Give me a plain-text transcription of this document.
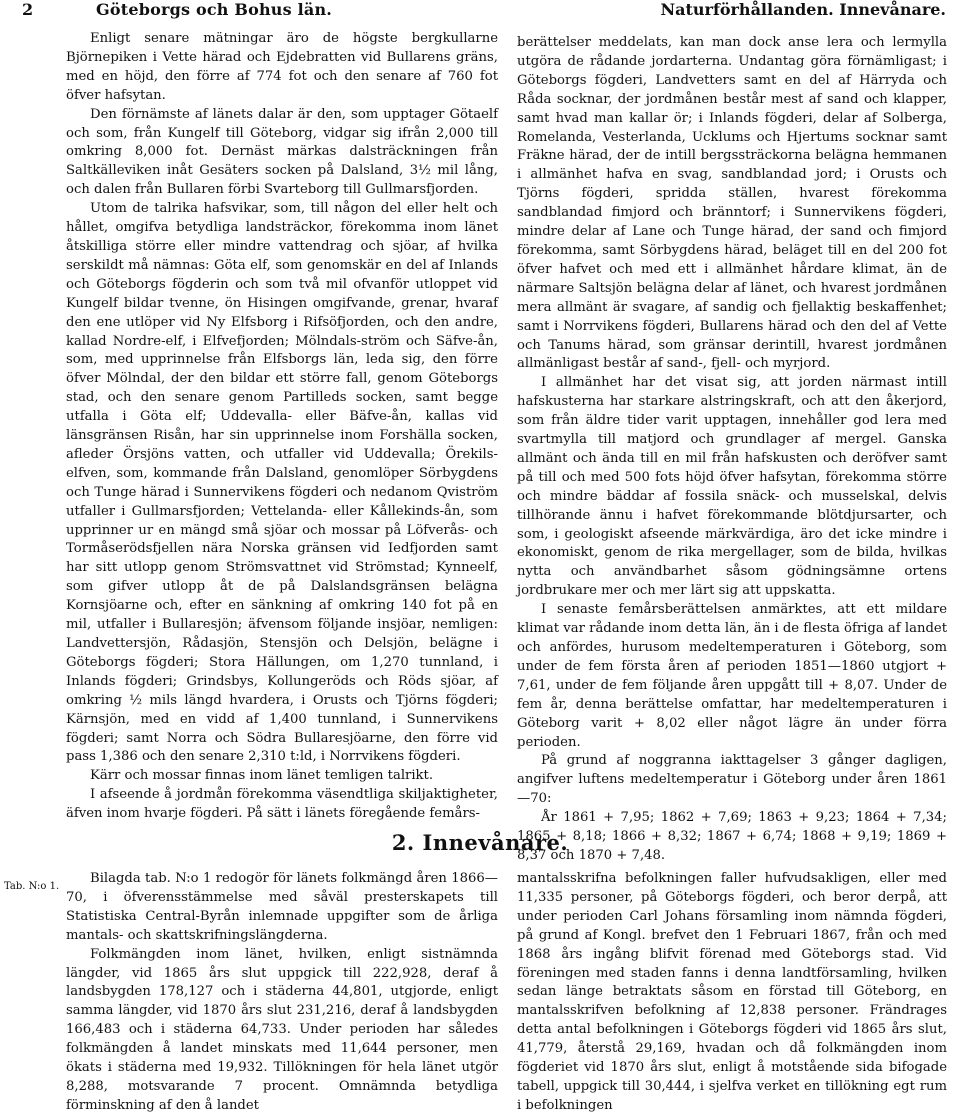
2	Göteborgs och Bohus län.	Naturförhållanden. Innevånare.

Enligt senare mätningar äro de högste bergkullarne Björnepiken i Vette härad och Ejdebratten vid Bullarens gräns, med en höjd, den förre af 774 fot och den senare af 760 fot öfver hafsytan.

Den förnämste af länets dalar är den, som upptager Götaelf och som, från Kungelf till Göteborg, vidgar sig ifrån 2,000 till omkring 8,000 fot. Dernäst märkas dalsträckningen från Saltkälleviken inåt Gesäters socken på Dalsland, 3½ mil lång, och dalen från Bullaren förbi Svarteborg till Gullmarsfjorden.

Utom de talrika hafsvikar, som, till någon del eller helt och hållet, omgifva betydliga landsträckor, förekomma inom länet åtskilliga större eller mindre vattendrag och sjöar, af hvilka serskildt må nämnas: Göta elf, som genomskär en del af Inlands och Göteborgs fögderin och som två mil ofvanför utloppet vid Kungelf bildar tvenne, ön Hisingen omgifvande, grenar, hvaraf den ene utlöper vid Ny Elfsborg i Rifsöfjorden, och den andre, kallad Nordre-elf, i Elfvefjorden; Mölndals-ström och Säfve-ån, som, med upprinnelse från Elfsborgs län, leda sig, den förre öfver Mölndal, der den bildar ett större fall, genom Göteborgs stad, och den senare genom Partilleds socken, samt begge utfalla i Göta elf; Uddevalla- eller Bäfve-ån, kallas vid länsgränsen Risån, har sin upprinnelse inom Forshälla socken, afleder Örsjöns vatten, och utfaller vid Uddevalla; Örekils-elfven, som, kommande från Dalsland, genomlöper Sörbygdens och Tunge härad i Sunnervikens fögderi och nedanom Qviström utfaller i Gullmarsfjorden; Vettelanda- eller Kållekinds-ån, som upprinner ur en mängd små sjöar och mossar på Löfverås- och Tormåserödsfjellen nära Norska gränsen vid Iedfjorden samt har sitt utlopp genom Strömsvattnet vid Strömstad; Kynneelf, som gifver utlopp åt de på Dalslandsgränsen belägna Kornsjöarne och, efter en sänkning af omkring 140 fot på en mil, utfaller i Bullaresjön; äfvensom följande insjöar, nemligen: Landvettersjön, Rådasjön, Stensjön och Delsjön, belägne i Göteborgs fögderi; Stora Hällungen, om 1,270 tunnland, i Inlands fögderi; Grindsbys, Kollungeröds och Röds sjöar, af omkring ½ mils längd hvardera, i Orusts och Tjörns fögderi; Kärnsjön, med en vidd af 1,400 tunnland, i Sunnervikens fögderi; samt Norra och Södra Bullaresjöarne, den förre vid pass 1,386 och den senare 2,310 t:ld, i Norrvikens fögderi.

Kärr och mossar finnas inom länet temligen talrikt.

I afseende å jordmån förekomma väsendtliga skiljaktigheter, äfven inom hvarje fögderi. På sätt i länets föregående femårs-

berättelser meddelats, kan man dock anse lera och lermylla utgöra de rådande jordarterna. Undantag göra förnämligast; i Göteborgs fögderi, Landvetters samt en del af Härryda och Råda socknar, der jordmånen består mest af sand och klapper, samt hvad man kallar ör; i Inlands fögderi, delar af Solberga, Romelanda, Vesterlanda, Ucklums och Hjertums socknar samt Fräkne härad, der de intill bergssträckorna belägna hemmanen i allmänhet hafva en svag, sandblandad jord; i Orusts och Tjörns fögderi, spridda ställen, hvarest förekomma sandblandad fimjord och bränntorf; i Sunnervikens fögderi, mindre delar af Lane och Tunge härad, der sand och fimjord förekomma, samt Sörbygdens härad, beläget till en del 200 fot öfver hafvet och med ett i allmänhet hårdare klimat, än de närmare Saltsjön belägna delar af länet, och hvarest jordmånen mera allmänt är svagare, af sandig och fjellaktig beskaffenhet; samt i Norrvikens fögderi, Bullarens härad och den del af Vette och Tanums härad, som gränsar derintill, hvarest jordmånen allmänligast består af sand-, fjell- och myrjord.

I allmänhet har det visat sig, att jorden närmast intill hafskusterna har starkare alstringskraft, och att den åkerjord, som från äldre tider varit upptagen, innehåller god lera med svartmylla till matjord och grundlager af mergel. Ganska allmänt och ända till en mil från hafskusten och deröfver samt på till och med 500 fots höjd öfver hafsytan, förekomma större och mindre bäddar af fossila snäck- och musselskal, delvis tillhörande ännu i hafvet förekommande blötdjursarter, och som, i geologiskt afseende märkvärdiga, äro det icke mindre i ekonomiskt, genom de rika mergellager, som de bilda, hvilkas nytta och användbarhet såsom gödningsämne ortens jordbrukare mer och mer lärt sig att uppskatta.

I senaste femårsberättelsen anmärktes, att ett mildare klimat var rådande inom detta län, än i de flesta öfriga af landet och anfördes, hurusom medeltemperaturen i Göteborg, som under de fem första åren af perioden 1851—1860 utgjort + 7,61, under de fem följande åren uppgått till + 8,07. Under de fem år, denna berättelse omfattar, har medeltemperaturen i Göteborg varit + 8,02 eller något lägre än under förra perioden.

På grund af noggranna iakttagelser 3 gånger dagligen, angifver luftens medeltemperatur i Göteborg under åren 1861—70:

År 1861 + 7,95; 1862 + 7,69; 1863 + 9,23; 1864 + 7,34; 1865 + 8,18; 1866 + 8,32; 1867 + 6,74; 1868 + 9,19; 1869 + 8,37 och 1870 + 7,48.

2. Innevånare.
Tab. N:o 1.

Bilagda tab. N:o 1 redogör för länets folkmängd åren 1866—70, i öfverensstämmelse med såväl presterskapets till Statistiska Central-Byrån inlemnade uppgifter som de årliga mantals- och skattskrifningslängderna.

Folkmängden inom länet, hvilken, enligt sistnämnda längder, vid 1865 års slut uppgick till 222,928, deraf å landsbygden 178,127 och i städerna 44,801, utgjorde, enligt samma längder, vid 1870 års slut 231,216, deraf å landsbygden 166,483 och i städerna 64,733. Under perioden har således folkmängden å landet minskats med 11,644 personer, men ökats i städerna med 19,932. Tillökningen för hela länet utgör 8,288, motsvarande 7 procent. Omnämnda betydliga förminskning af den å landet

mantalsskrifna befolkningen faller hufvudsakligen, eller med 11,335 personer, på Göteborgs fögderi, och beror derpå, att under perioden Carl Johans församling inom nämnda fögderi, på grund af Kongl. brefvet den 1 Februari 1867, från och med 1868 års ingång blifvit förenad med Göteborgs stad. Vid föreningen med staden fanns i denna landtförsamling, hvilken sedan länge betraktats såsom en förstad till Göteborg, en mantalsskrifven befolkning af 12,838 personer. Frändrages detta antal befolkningen i Göteborgs fögderi vid 1865 års slut, 41,779, återstå 29,169, hvadan och då folkmängden inom fögderiet vid 1870 års slut, enligt å motstående sida bifogade tabell, uppgick till 30,444, i sjelfva verket en tillökning egt rum i befolkningen
